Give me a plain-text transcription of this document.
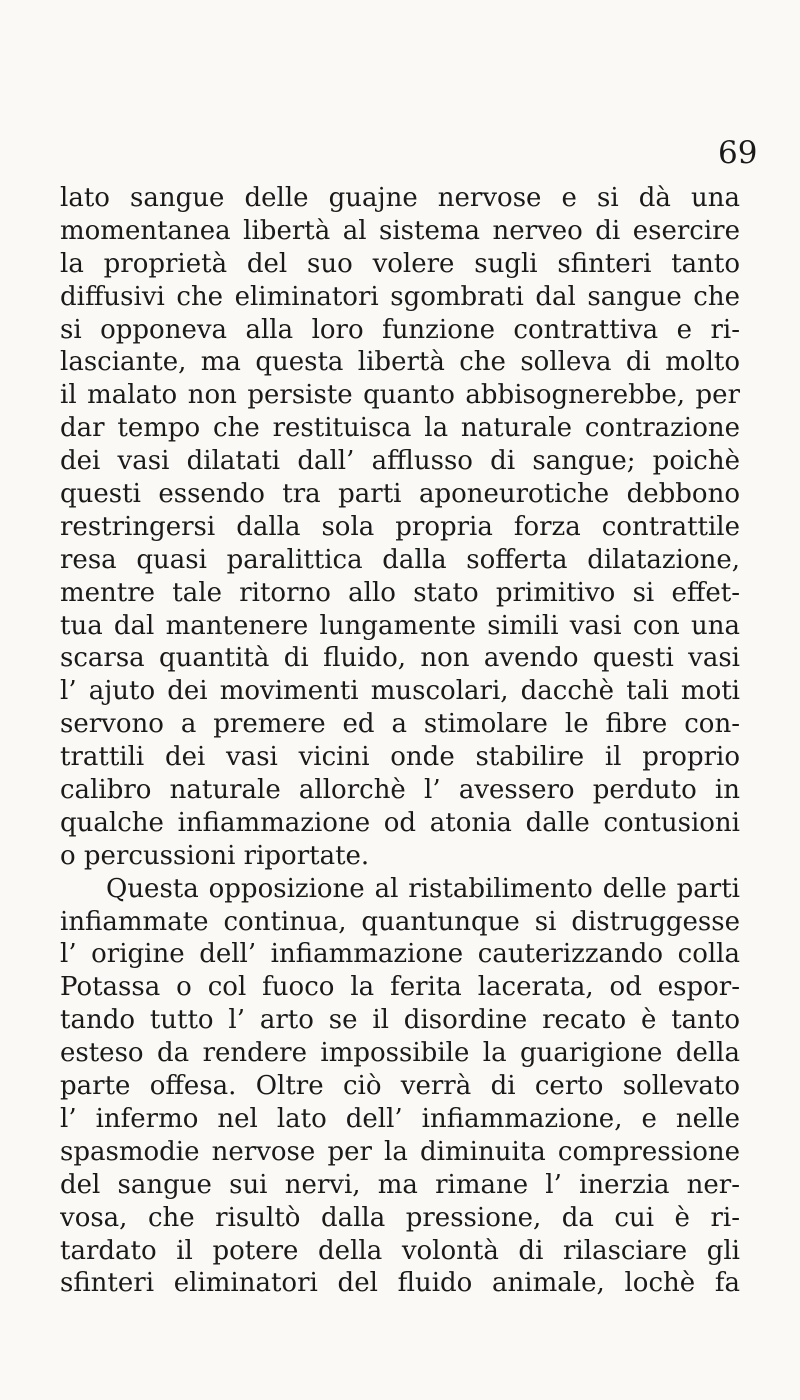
69
lato sangue delle guajne nervose e si dà una
momentanea libertà al sistema nerveo di esercire
la proprietà del suo volere sugli sfinteri tanto
diffusivi che eliminatori sgombrati dal sangue che
si opponeva alla loro funzione contrattiva e ri-
lasciante, ma questa libertà che solleva di molto
il malato non persiste quanto abbisognerebbe, per
dar tempo che restituisca la naturale contrazione
dei vasi dilatati dall’ afflusso di sangue; poichè
questi essendo tra parti aponeurotiche debbono
restringersi dalla sola propria forza contrattile
resa quasi paralittica dalla sofferta dilatazione,
mentre tale ritorno allo stato primitivo si effet-
tua dal mantenere lungamente simili vasi con una
scarsa quantità di fluido, non avendo questi vasi
l’ ajuto dei movimenti muscolari, dacchè tali moti
servono a premere ed a stimolare le fibre con-
trattili dei vasi vicini onde stabilire il proprio
calibro naturale allorchè l’ avessero perduto in
qualche infiammazione od atonia dalle contusioni
o percussioni riportate.
Questa opposizione al ristabilimento delle parti
infiammate continua, quantunque si distruggesse
l’ origine dell’ infiammazione cauterizzando colla
Potassa o col fuoco la ferita lacerata, od espor-
tando tutto l’ arto se il disordine recato è tanto
esteso da rendere impossibile la guarigione della
parte offesa. Oltre ciò verrà di certo sollevato
l’ infermo nel lato dell’ infiammazione, e nelle
spasmodie nervose per la diminuita compressione
del sangue sui nervi, ma rimane l’ inerzia ner-
vosa, che risultò dalla pressione, da cui è ri-
tardato il potere della volontà di rilasciare gli
sfinteri eliminatori del fluido animale, lochè fa
